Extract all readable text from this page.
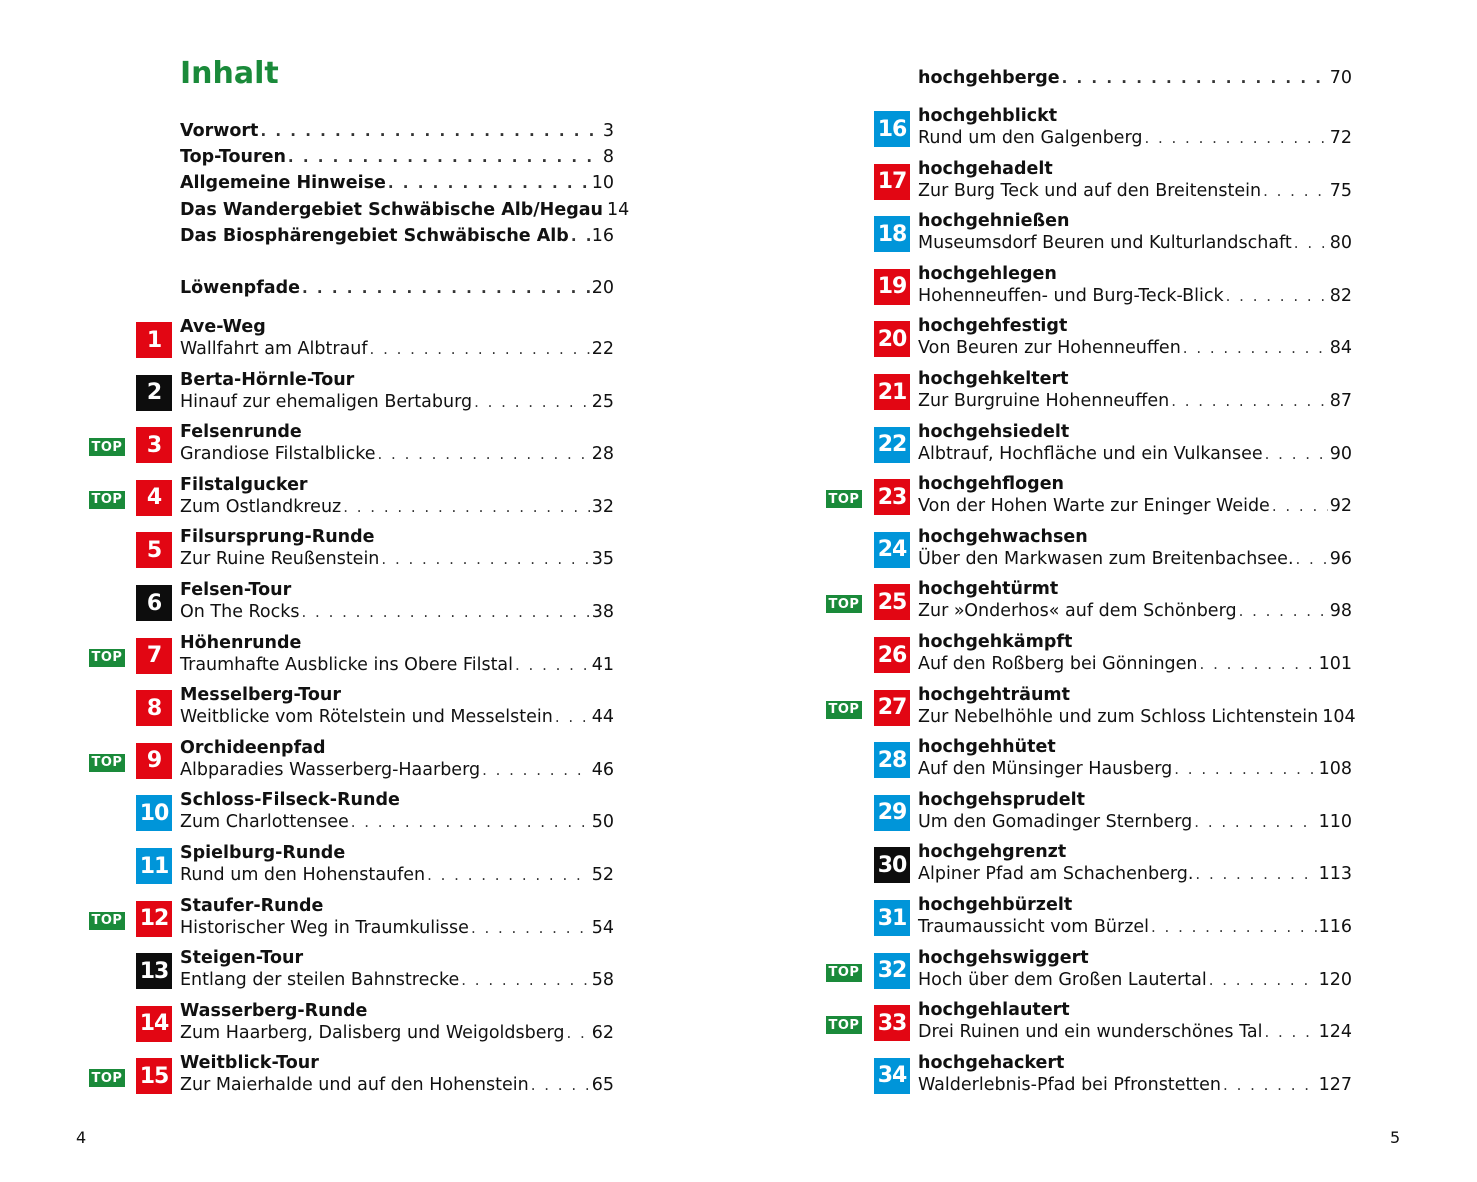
Inhalt
Vorwort . . .	3
Top-Touren . . .	8
Allgemeine Hinweise . . .	10
Das Wandergebiet Schwäbische Alb/Hegau 14
Das Biosphärengebiet Schwäbische Alb . . . 16
Löwenpfade . . .	20
1
Ave-Weg
Wallfahrt am Albtrauf . . .	22
2
Berta-Hörnle-Tour
Hinauf zur ehemaligen Bertaburg . . .	25
TOP	3
Felsenrunde
Grandiose Filstalblicke . . .	28
TOP	4
Filstalgucker
Zum Ostlandkreuz . . .	32
5
Filsursprung-Runde
Zur Ruine Reußenstein . . .	35
6
Felsen-Tour
On The Rocks . . .	38
TOP	7
Höhenrunde
Traumhafte Ausblicke ins Obere Filstal . . .	41
8
Messelberg-Tour
Weitblicke vom Rötelstein und Messelstein . . . 44
TOP	9
Orchideenpfad
Albparadies Wasserberg-Haarberg . . .	46
10
Schloss-Filseck-Runde
Zum Charlottensee . . .	50
11
Spielburg-Runde
Rund um den Hohenstaufen . . .	52
TOP 12
Staufer-Runde
Historischer Weg in Traumkulisse . . .	54
13
Steigen-Tour
Entlang der steilen Bahnstrecke . . .	58
14
Wasserberg-Runde
Zum Haarberg, Dalisberg und Weigoldsberg . . . 62
TOP 15
Weitblick-Tour
Zur Maierhalde und auf den Hohenstein . . .	65
4
hochgehberge . . .	70
16
hochgehblickt
Rund um den Galgenberg . . .	72
17
hochgehadelt
Zur Burg Teck und auf den Breitenstein . . .	75
18
hochgehnießen
Museumsdorf Beuren und Kulturlandschaft . . . 80
19
hochgehlegen
Hohenneuffen- und Burg-Teck-Blick . . .	82
20
hochgehfestigt
Von Beuren zur Hohenneuffen . . .	84
21
hochgehkeltert
Zur Burgruine Hohenneuffen . . .	87
22
hochgehsiedelt
Albtrauf, Hochfläche und ein Vulkansee . . .	90
TOP 23
hochgehflogen
Von der Hohen Warte zur Eninger Weide . . .	92
24
hochgehwachsen
Über den Markwasen zum Breitenbachsee. . . . 96
TOP 25
hochgehtürmt
Zur »Onderhos« auf dem Schönberg . . .	98
26
hochgehkämpft
Auf den Roßberg bei Gönningen . . .	101
TOP 27
hochgehträumt
Zur Nebelhöhle und zum Schloss Lichtenstein 104
28
hochgehhütet
Auf den Münsinger Hausberg . . .	108
29
hochgehsprudelt
Um den Gomadinger Sternberg . . .	110
30
hochgehgrenzt
Alpiner Pfad am Schachenberg. . . .	113
31
hochgehbürzelt
Traumaussicht vom Bürzel . . .	116
TOP 32
hochgehswiggert
Hoch über dem Großen Lautertal . . .	120
TOP 33
hochgehlautert
Drei Ruinen und ein wunderschönes Tal . . .	124
34
hochgehackert
Walderlebnis-Pfad bei Pfronstetten . . .	127
5
